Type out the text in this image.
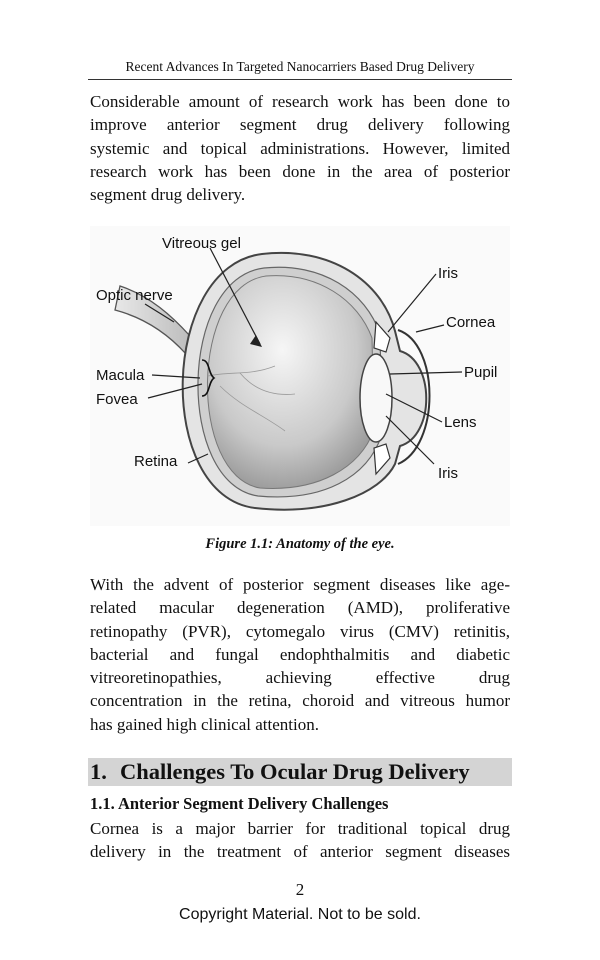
Recent Advances In Targeted Nanocarriers Based Drug Delivery

Considerable amount of research work has been done to
improve anterior segment drug delivery following
systemic and topical administrations. However, limited
research work has been done in the area of posterior
segment drug delivery.

Vitreous gel
Optic nerve
Macula
Fovea
Retina
Iris
Cornea
Pupil
Lens
Iris
Figure 1.1: Anatomy of the eye.

With the advent of posterior segment diseases like age-
related macular degeneration (AMD), proliferative
retinopathy (PVR), cytomegalo virus (CMV) retinitis,
bacterial and fungal endophthalmitis and diabetic
vitreoretinopathies, achieving effective drug
concentration in the retina, choroid and vitreous humor
has gained high clinical attention.

1. Challenges To Ocular Drug Delivery
1.1. Anterior Segment Delivery Challenges

Cornea is a major barrier for traditional topical drug
delivery in the treatment of anterior segment diseases

2
Copyright Material. Not to be sold.
